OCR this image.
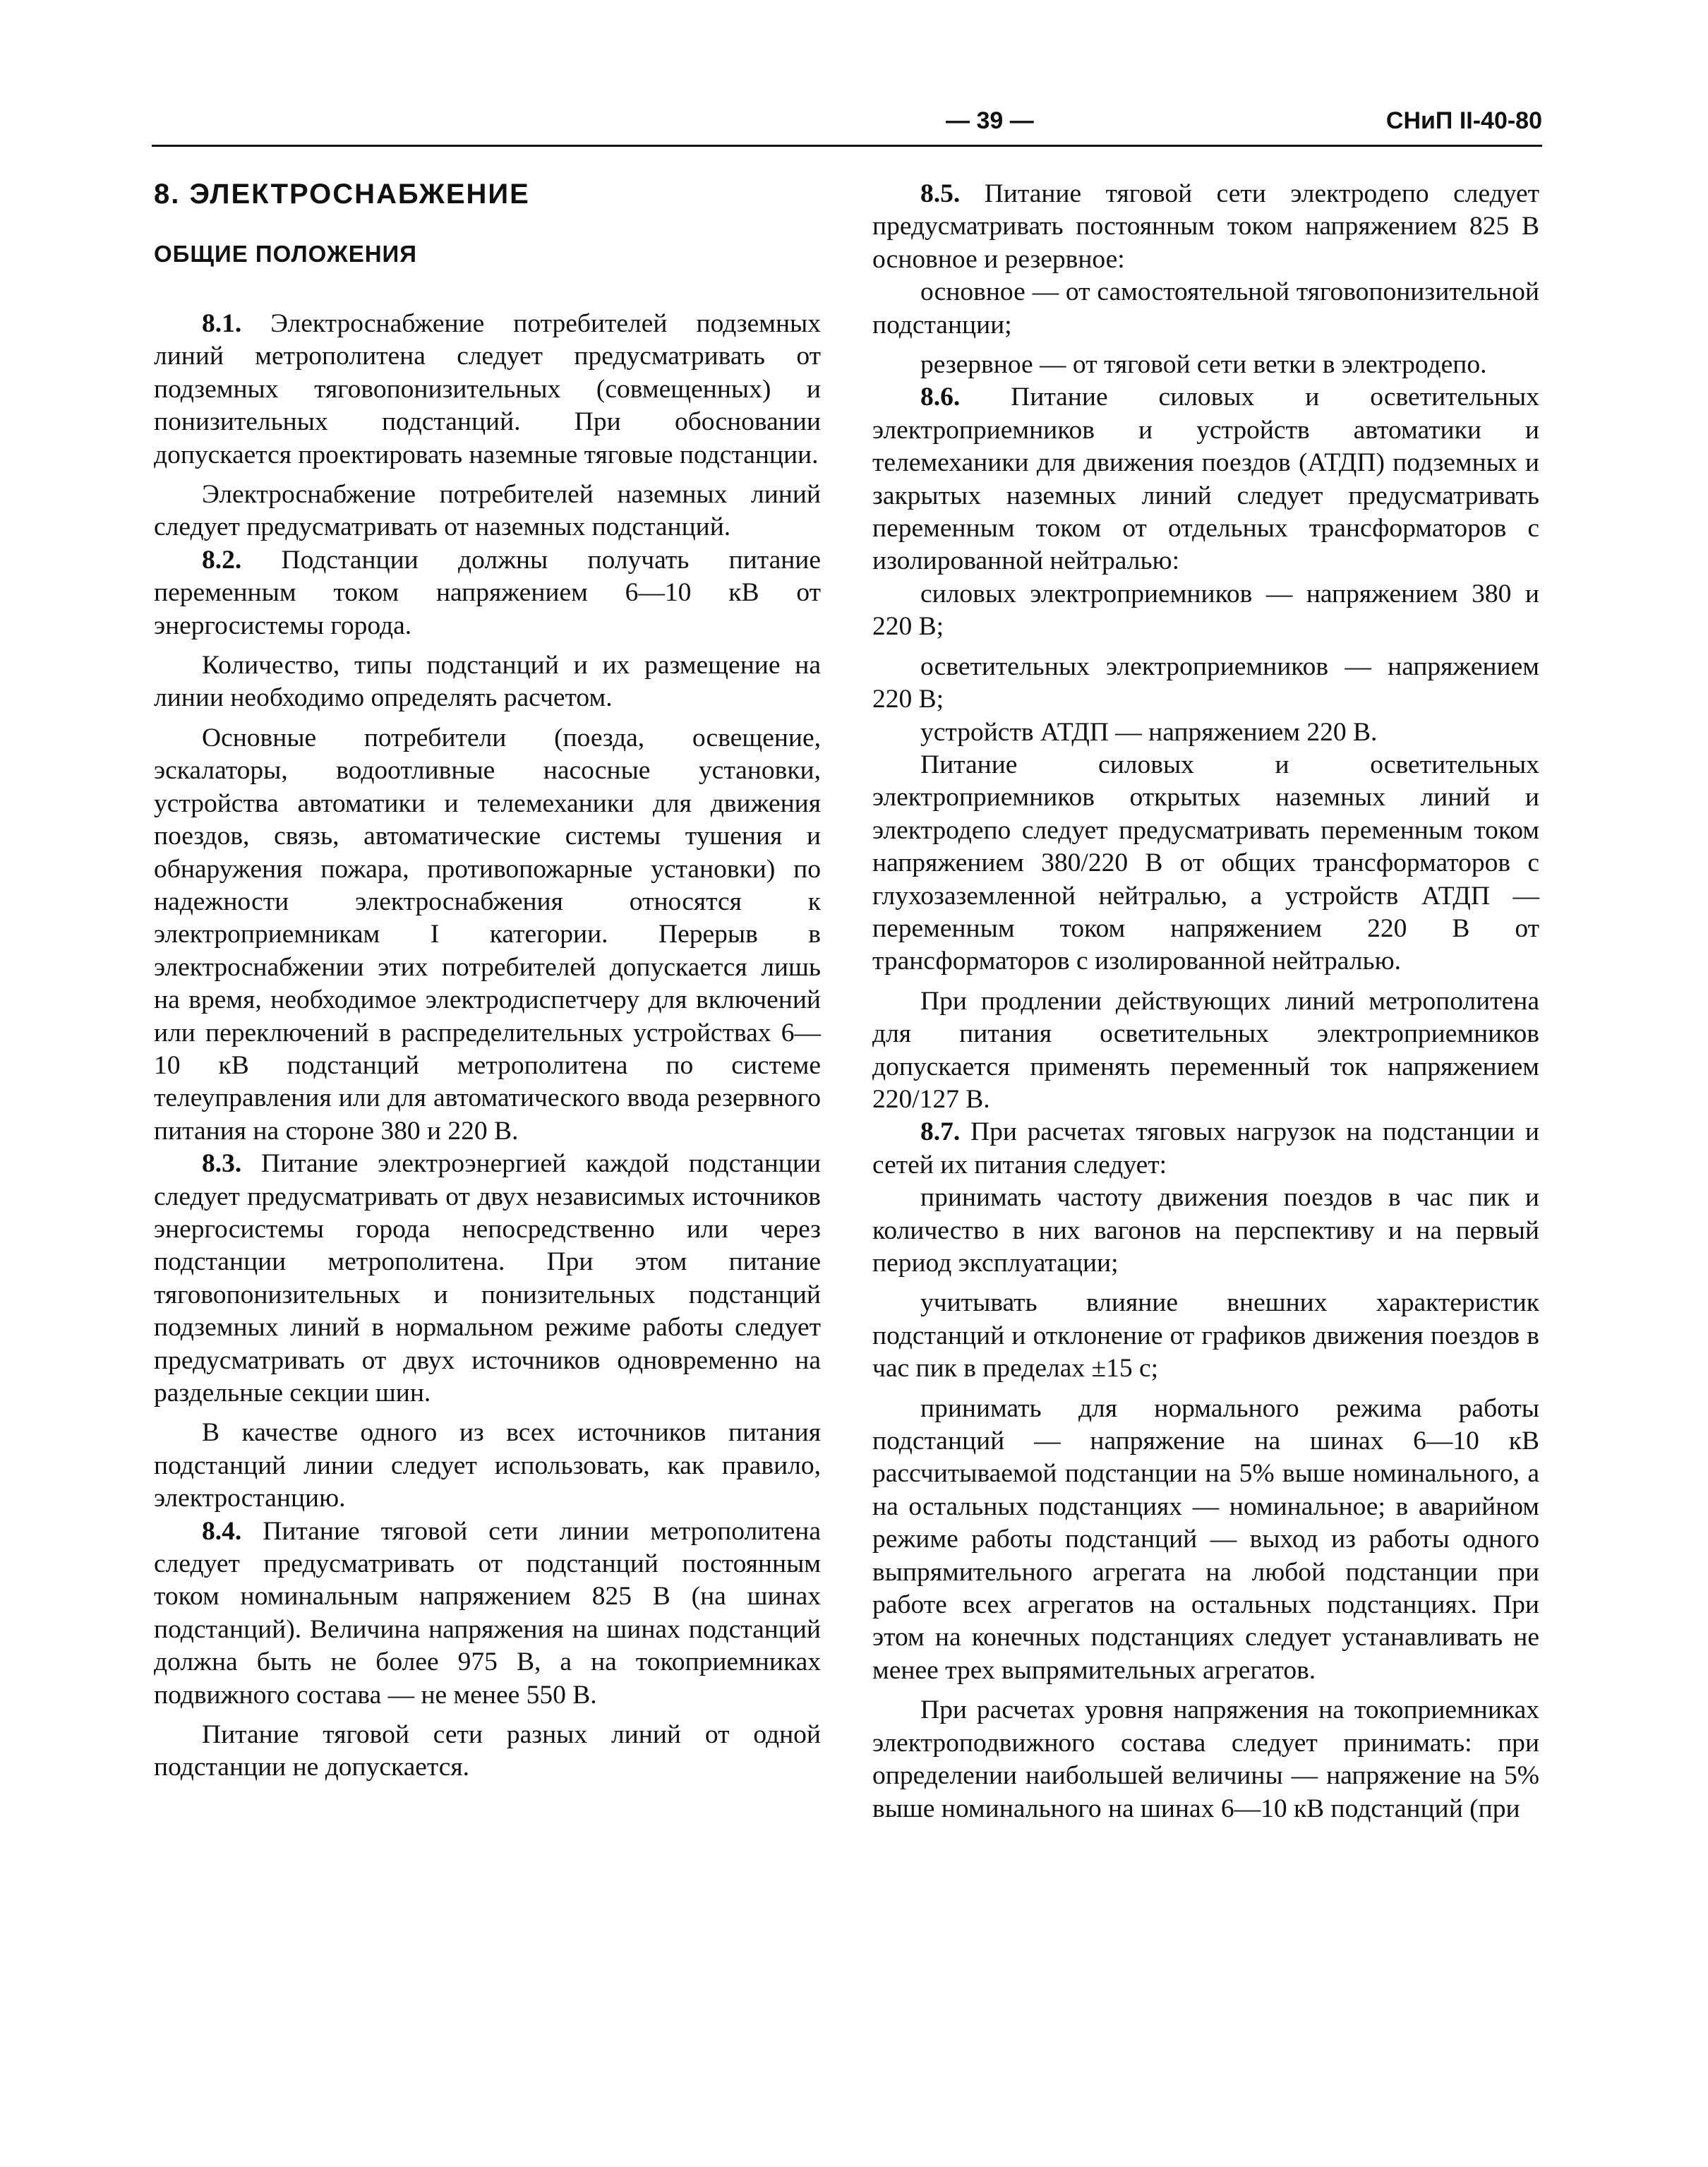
— 39 —	СНиП II-40-80
8. ЭЛЕКТРОСНАБЖЕНИЕ
ОБЩИЕ ПОЛОЖЕНИЯ

8.1. Электроснабжение потребителей подземных линий метрополитена следует предусматривать от подземных тяговопонизительных (совмещенных) и понизительных подстанций. При обосновании допускается проектировать наземные тяговые подстанции.

Электроснабжение потребителей наземных линий следует предусматривать от наземных подстанций.

8.2. Подстанции должны получать питание переменным током напряжением 6—10 кВ от энергосистемы города.

Количество, типы подстанций и их размещение на линии необходимо определять расчетом.

Основные потребители (поезда, освещение, эскалаторы, водоотливные насосные установки, устройства автоматики и телемеханики для движения поездов, связь, автоматические системы тушения и обнаружения пожара, противопожарные установки) по надежности электроснабжения относятся к электроприемникам I категории. Перерыв в электроснабжении этих потребителей допускается лишь на время, необходимое электродиспетчеру для включений или переключений в распределительных устройствах 6—10 кВ подстанций метрополитена по системе телеуправления или для автоматического ввода резервного питания на стороне 380 и 220 В.

8.3. Питание электроэнергией каждой подстанции следует предусматривать от двух независимых источников энергосистемы города непосредственно или через подстанции метрополитена. При этом питание тяговопонизительных и понизительных подстанций подземных линий в нормальном режиме работы следует предусматривать от двух источников одновременно на раздельные секции шин.

В качестве одного из всех источников питания подстанций линии следует использовать, как правило, электростанцию.

8.4. Питание тяговой сети линии метрополитена следует предусматривать от подстанций постоянным током номинальным напряжением 825 В (на шинах подстанций). Величина напряжения на шинах подстанций должна быть не более 975 В, а на токоприемниках подвижного состава — не менее 550 В.

Питание тяговой сети разных линий от одной подстанции не допускается.

8.5. Питание тяговой сети электродепо следует предусматривать постоянным током напряжением 825 В основное и резервное:

основное — от самостоятельной тяговопонизительной подстанции;

резервное — от тяговой сети ветки в электродепо.

8.6. Питание силовых и осветительных электроприемников и устройств автоматики и телемеханики для движения поездов (АТДП) подземных и закрытых наземных линий следует предусматривать переменным током от отдельных трансформаторов с изолированной нейтралью:

силовых электроприемников — напряжением 380 и 220 В;

осветительных электроприемников — напряжением 220 В;

устройств АТДП — напряжением 220 В.

Питание силовых и осветительных электроприемников открытых наземных линий и электродепо следует предусматривать переменным током напряжением 380/220 В от общих трансформаторов с глухозаземленной нейтралью, а устройств АТДП — переменным током напряжением 220 В от трансформаторов с изолированной нейтралью.

При продлении действующих линий метрополитена для питания осветительных электроприемников допускается применять переменный ток напряжением 220/127 В.

8.7. При расчетах тяговых нагрузок на подстанции и сетей их питания следует:

принимать частоту движения поездов в час пик и количество в них вагонов на перспективу и на первый период эксплуатации;

учитывать влияние внешних характеристик подстанций и отклонение от графиков движения поездов в час пик в пределах ±15 с;

принимать для нормального режима работы подстанций — напряжение на шинах 6—10 кВ рассчитываемой подстанции на 5% выше номинального, а на остальных подстанциях — номинальное; в аварийном режиме работы подстанций — выход из работы одного выпрямительного агрегата на любой подстанции при работе всех агрегатов на остальных подстанциях. При этом на конечных подстанциях следует устанавливать не менее трех выпрямительных агрегатов.

При расчетах уровня напряжения на токоприемниках электроподвижного состава следует принимать: при определении наибольшей величины — напряжение на 5% выше номинального на шинах 6—10 кВ подстанций (при
